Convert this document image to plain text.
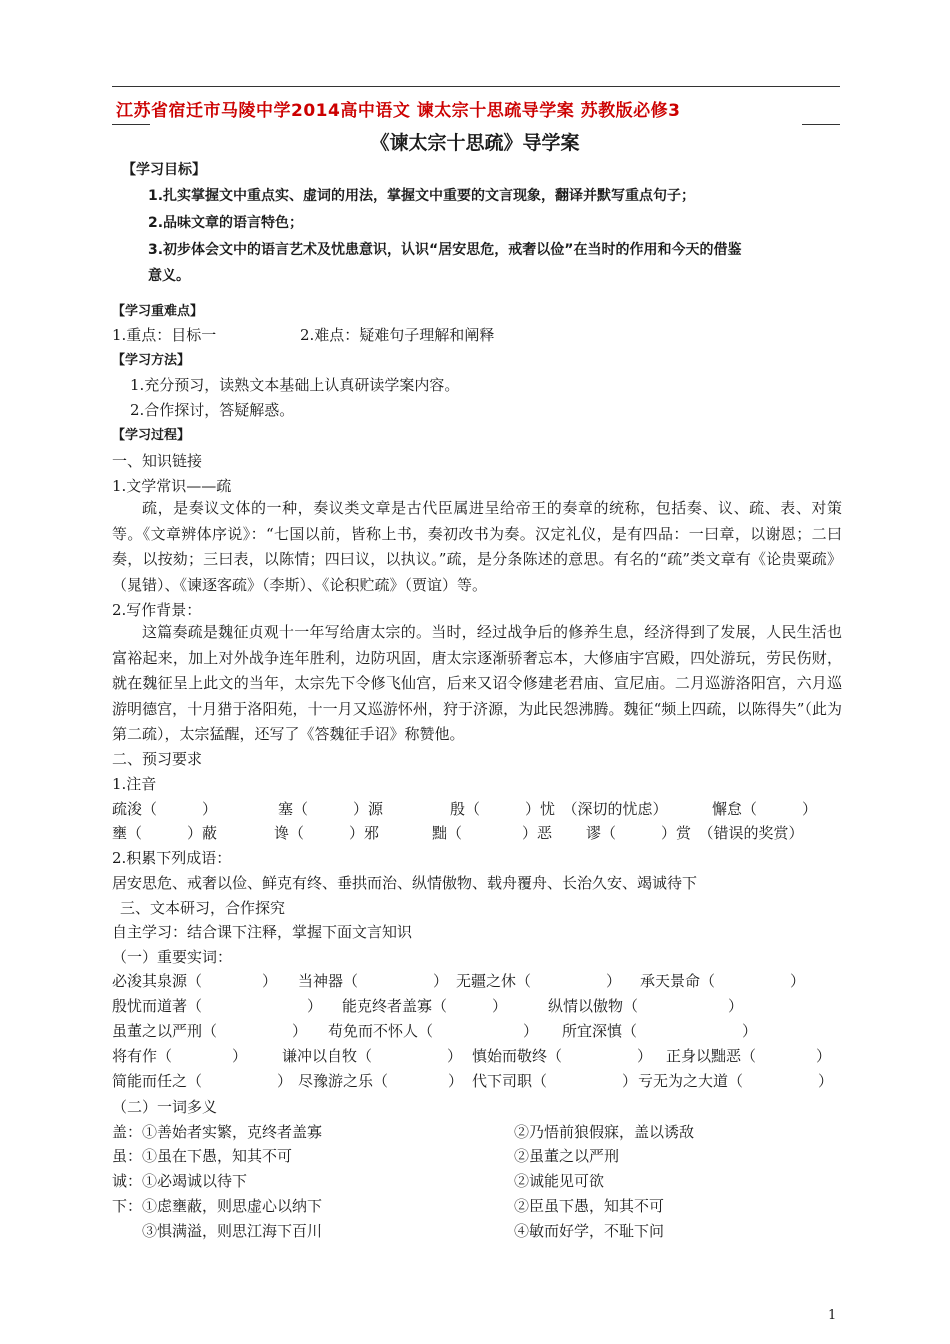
江苏省宿迁市马陵中学2014高中语文 谏太宗十思疏导学案 苏教版必修3
《谏太宗十思疏》导学案
【学习目标】
1.扎实掌握文中重点实、虚词的用法，掌握文中重要的文言现象，翻译并默写重点句子；
2.品味文章的语言特色；
3.初步体会文中的语言艺术及忧患意识，认识“居安思危，戒奢以俭”在当时的作用和今天的借鉴
意义。
【学习重难点】
1.重点：目标一	2.难点：疑难句子理解和阐释
【学习方法】
1.充分预习，读熟文本基础上认真研读学案内容。
2.合作探讨，答疑解惑。
【学习过程】
一、知识链接
1.文学常识——疏
疏，是奏议文体的一种，奏议类文章是古代臣属进呈给帝王的奏章的统称，包括奏、议、疏、表、对策等。《文章辨体序说》：“七国以前，皆称上书，奏初改书为奏。汉定礼仪，是有四品：一曰章，以谢恩；二曰奏，以按劾；三曰表，以陈情；四曰议，以执议。”疏，是分条陈述的意思。有名的“疏”类文章有《论贵粟疏》（晁错）、《谏逐客疏》（李斯）、《论积贮疏》（贾谊）等。
2.写作背景：
这篇奏疏是魏征贞观十一年写给唐太宗的。当时，经过战争后的修养生息，经济得到了发展，人民生活也富裕起来，加上对外战争连年胜利，边防巩固，唐太宗逐渐骄奢忘本，大修庙宇宫殿，四处游玩，劳民伤财，就在魏征呈上此文的当年，太宗先下令修飞仙宫，后来又诏令修建老君庙、宣尼庙。二月巡游洛阳宫，六月巡游明德宫，十月猎于洛阳苑，十一月又巡游怀州，狩于济源，为此民怨沸腾。魏征“频上四疏，以陈得失”（此为第二疏），太宗猛醒，还写了《答魏征手诏》称赞他。
二、预习要求
1.注音
疏浚（　　　）	塞（　　　）源	殷（　　　）忧　（深切的忧虑）	懈怠（　　　）
壅（　　　）蔽	谗（　　　）邪	黜（　　　　）恶 谬（　　　）赏　（错误的奖赏）
2.积累下列成语：
居安思危、戒奢以俭、鲜克有终、垂拱而治、纵情傲物、载舟覆舟、长治久安、竭诚待下
三、文本研习，合作探究
自主学习：结合课下注释，掌握下面文言知识
（一）重要实词：
必浚其泉源（　　　　） 当神器（　　　　　） 无疆之休（　　　　　） 承天景命（　　　　　）
殷忧而道著（　　　　　　　） 能克终者盖寡（　　　）	纵情以傲物（　　　　　　）
虽董之以严刑（　　　　　） 苟免而不怀人（　　　　　　） 所宜深慎（　　　　　　　）
将有作（　　　　） 谦冲以自牧（　　　　　） 慎始而敬终（　　　　　） 正身以黜恶（　　　　）
简能而任之（　　　　　） 尽豫游之乐（　　　　） 代下司职（　　　　　） 亏无为之大道（　　　　　）
（二）一词多义
盖：①善始者实繁，克终者盖寡	②乃悟前狼假寐，盖以诱敌
虽：①虽在下愚，知其不可	②虽董之以严刑
诚：①必竭诚以待下	②诚能见可欲
下：①虑壅蔽，则思虚心以纳下	②臣虽下愚，知其不可
　　③惧满溢，则思江海下百川	④敏而好学，不耻下问
1
